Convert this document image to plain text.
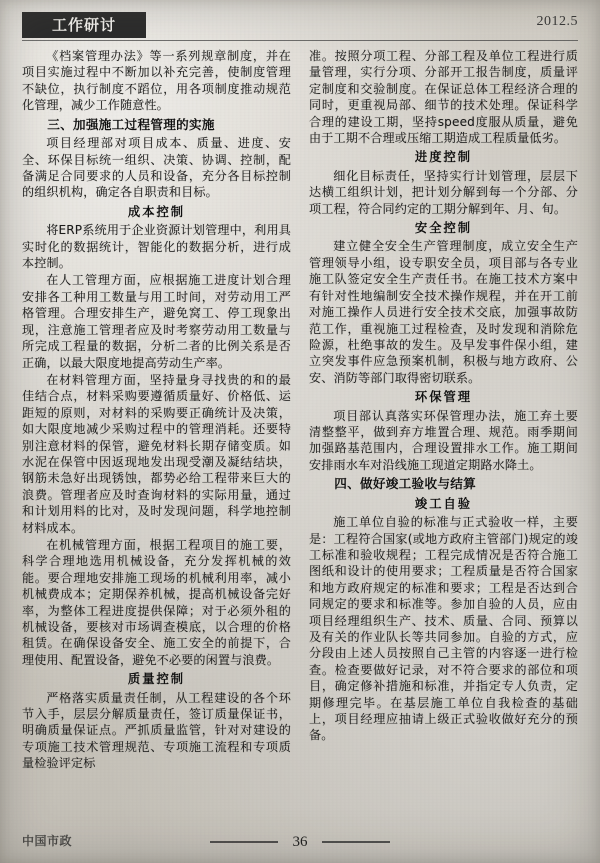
工作研讨	2012.5

《档案管理办法》等一系列规章制度，并在项目实施过程中不断加以补充完善，使制度管理不缺位，执行制度不蹈位，用各项制度推动规范化管理，减少工作随意性。

三、加强施工过程管理的实施

项目经理部对项目成本、质量、进度、安全、环保目标统一组织、决策、协调、控制，配备满足合同要求的人员和设备，充分各目标控制的组织机构，确定各自职责和目标。

成本控制

将ERP系统用于企业资源计划管理中，利用具实时化的数据统计，智能化的数据分析，进行成本控制。

在人工管理方面，应根据施工进度计划合理安排各工种用工数量与用工时间，对劳动用工严格管理。合理安排生产，避免窝工、停工现象出现，注意施工管理者应及时考察劳动用工数量与所完成工程量的数据，分析二者的比例关系是否正确，以最大限度地提高劳动生产率。

在材料管理方面，坚持量身寻找贵的和的最佳结合点，材料采购要遵循质量好、价格低、运距短的原则，对材料的采购要正确统计及决策，如大限度地减少采购过程中的管理消耗。还要特别注意材料的保管，避免材料长期存储变质。如水泥在保管中因返现地发出现受潮及凝结结块，钢筋未急好出现锈蚀，都势必给工程带来巨大的浪费。管理者应及时查询材料的实际用量，通过和计划用料的比对，及时发现问题，科学地控制材料成本。

在机械管理方面，根据工程项目的施工要，科学合理地选用机械设备，充分发挥机械的效能。要合理地安排施工现场的机械利用率，减小机械费成本；定期保养机械，提高机械设备完好率，为整体工程进度提供保障；对于必须外租的机械设备，要核对市场调查模底，以合理的价格租赁。在确保设备安全、施工安全的前提下，合理使用、配置设备，避免不必要的闲置与浪费。

质量控制

严格落实质量责任制，从工程建设的各个环节入手，层层分解质量责任，签订质量保证书，明确质量保证点。严抓质量监管，针对对建设的专项施工技术管理规范、专项施工流程和专项质量检验评定标

准。按照分项工程、分部工程及单位工程进行质量管理，实行分项、分部开工报告制度，质量评定制度和交验制度。在保证总体工程经济合理的同时，更重视局部、细节的技术处理。保证科学合理的建设工期，坚持speed度服从质量，避免由于工期不合理或压缩工期造成工程质量低劣。

进度控制

细化目标责任，坚持实行计划管理，层层下达横工组织计划，把计划分解到每一个分部、分项工程，符合同约定的工期分解到年、月、旬。

安全控制

建立健全安全生产管理制度，成立安全生产管理领导小组，设专职安全员，项目部与各专业施工队签定安全生产责任书。在施工技术方案中有针对性地编制安全技术操作规程，并在开工前对施工操作人员进行安全技术交底，加强事故防范工作，重视施工过程检查，及时发现和消除危险源，杜绝事故的发生。及早发事件保小组，建立突发事件应急预案机制，积极与地方政府、公安、消防等部门取得密切联系。

环保管理

项目部认真落实环保管理办法，施工弃土要清整整平，做到弃方堆置合理、规范。雨季期间加强路基范围内，合理设置排水工作。施工期间安排雨水车对沿线施工现道定期路水降土。

四、做好竣工验收与结算
竣工自验

施工单位自验的标准与正式验收一样，主要是：工程符合国家(或地方政府主管部门)规定的竣工标准和验收规程；工程完成情况是否符合施工图纸和设计的使用要求；工程质量是否符合国家和地方政府规定的标准和要求；工程是否达到合同规定的要求和标准等。参加自验的人员，应由项目经理组织生产、技术、质量、合同、预算以及有关的作业队长等共同参加。自验的方式，应分段由上述人员按照自己主管的内容逐一进行检查。检查要做好记录，对不符合要求的部位和项目，确定修补措施和标准，并指定专人负责，定期修理完毕。在基层施工单位自我检查的基础上，项目经理应抽请上级正式验收做好充分的预备。

中国市政	36
